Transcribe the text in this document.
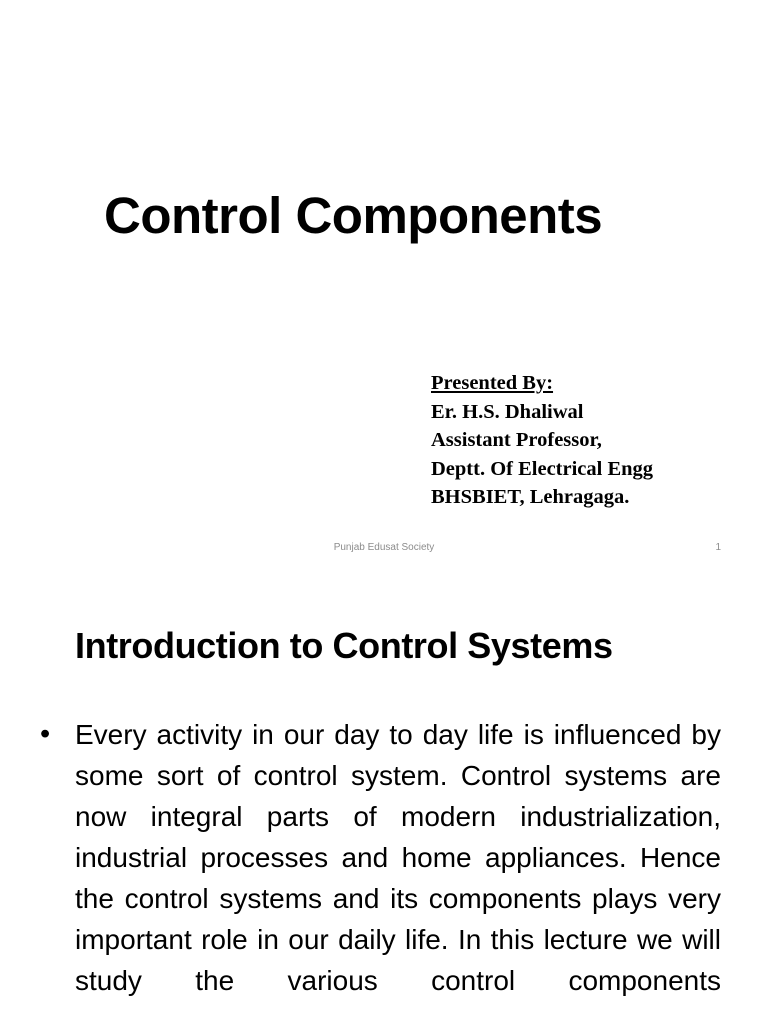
Control Components
Presented By:
Er. H.S. Dhaliwal
Assistant Professor,
Deptt. Of Electrical Engg
BHSBIET, Lehragaga.
Punjab Edusat Society	1
Introduction to Control Systems
• Every activity in our day to day life is influenced by some sort of control system. Control systems are now integral parts of modern industrialization, industrial processes and home appliances. Hence the control systems and its components plays very important role in our daily life. In this lecture we will study the various control components
